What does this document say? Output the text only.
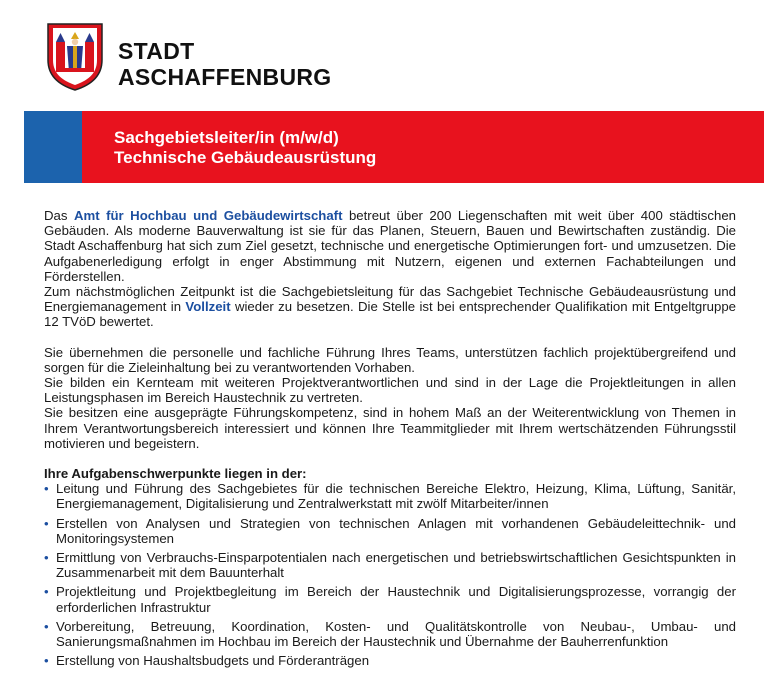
STADT
ASCHAFFENBURG
Sachgebietsleiter/in (m/w/d)
Technische Gebäudeausrüstung

Das Amt für Hochbau und Gebäudewirtschaft betreut über 200 Liegenschaften mit weit über 400 städtischen Gebäuden. Als moderne Bauverwaltung ist sie für das Planen, Steuern, Bauen und Bewirtschaften zuständig. Die Stadt Aschaffenburg hat sich zum Ziel gesetzt, technische und energetische Optimierungen fort- und umzusetzen. Die Aufgabenerledigung erfolgt in enger Abstimmung mit Nutzern, eigenen und externen Fachabteilungen und Förderstellen.

Zum nächstmöglichen Zeitpunkt ist die Sachgebietsleitung für das Sachgebiet Technische Gebäudeausrüstung und Energiemanagement in Vollzeit wieder zu besetzen. Die Stelle ist bei entsprechender Qualifikation mit Entgeltgruppe 12 TVöD bewertet.

Sie übernehmen die personelle und fachliche Führung Ihres Teams, unterstützen fachlich projektübergreifend und sorgen für die Zieleinhaltung bei zu verantwortenden Vorhaben.

Sie bilden ein Kernteam mit weiteren Projektverantwortlichen und sind in der Lage die Projektleitungen in allen Leistungsphasen im Bereich Haustechnik zu vertreten.

Sie besitzen eine ausgeprägte Führungskompetenz, sind in hohem Maß an der Weiterentwicklung von Themen in Ihrem Verantwortungsbereich interessiert und können Ihre Teammitglieder mit Ihrem wertschätzenden Führungsstil motivieren und begeistern.

Ihre Aufgabenschwerpunkte liegen in der:

• Leitung und Führung des Sachgebietes für die technischen Bereiche Elektro, Heizung, Klima, Lüftung, Sanitär, Energiemanagement, Digitalisierung und Zentralwerkstatt mit zwölf Mitarbeiter/innen
• Erstellen von Analysen und Strategien von technischen Anlagen mit vorhandenen Gebäudeleittechnik- und Monitoringsystemen
• Ermittlung von Verbrauchs-Einsparpotentialen nach energetischen und betriebswirtschaftlichen Gesichtspunkten in Zusammenarbeit mit dem Bauunterhalt
• Projektleitung und Projektbegleitung im Bereich der Haustechnik und Digitalisierungsprozesse, vorrangig der erforderlichen Infrastruktur
• Vorbereitung, Betreuung, Koordination, Kosten- und Qualitätskontrolle von Neubau-, Umbau- und Sanierungsmaßnahmen im Hochbau im Bereich der Haustechnik und Übernahme der Bauherrenfunktion
• Erstellung von Haushaltsbudgets und Förderanträgen
